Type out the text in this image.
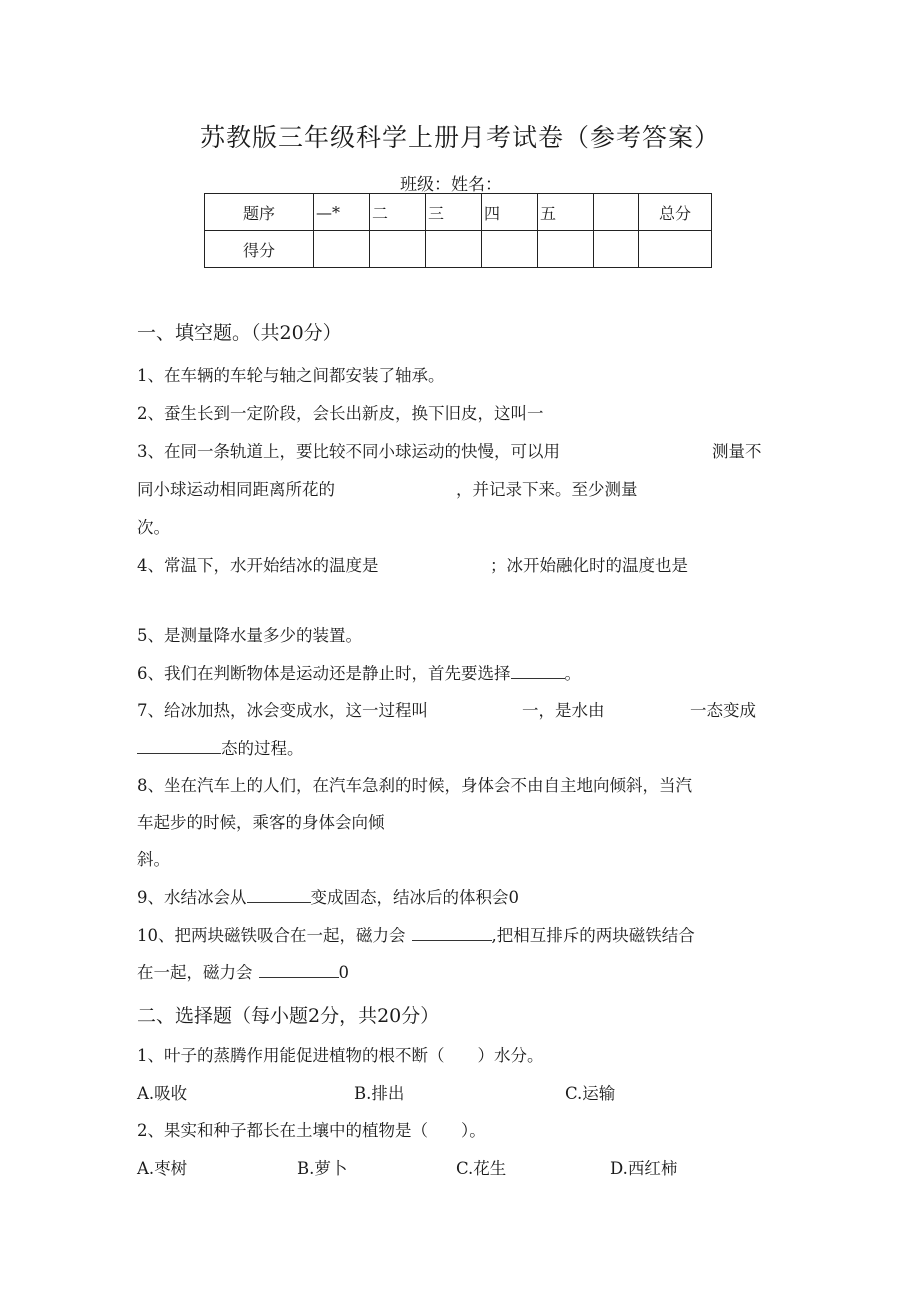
苏教版三年级科学上册月考试卷（参考答案）
班级：姓名：
题序	—*	二	三	四	五		总分
得分							
一、填空题。（共20分）
1、在车辆的车轮与轴之间都安装了轴承。
2、蚕生长到一定阶段，会长出新皮，换下旧皮，这叫一
3、在同一条轨道上，要比较不同小球运动的快慢，可以用	测量不
同小球运动相同距离所花的	，并记录下来。至少测量
次。
4、常温下，水开始结冰的温度是	；冰开始融化时的温度也是
5、是测量降水量多少的装置。
6、我们在判断物体是运动还是静止时，首先要选择	。
7、给冰加热，冰会变成水，这一过程叫	一，是水由	一态变成
态的过程。
8、坐在汽车上的人们，在汽车急刹的时候，身体会不由自主地向倾斜，当汽
车起步的时候，乘客的身体会向倾
斜。
9、水结冰会从	变成固态，结冰后的体积会0
10、把两块磁铁吸合在一起，磁力会	,把相互排斥的两块磁铁结合
在一起，磁力会	0
二、选择题（每小题2分，共20分）
1、叶子的蒸腾作用能促进植物的根不断（　　）水分。
A.吸收	B.排出	C.运输
2、果实和种子都长在土壤中的植物是（　　）。
A.枣树	B.萝卜	C.花生	D.西红柿
